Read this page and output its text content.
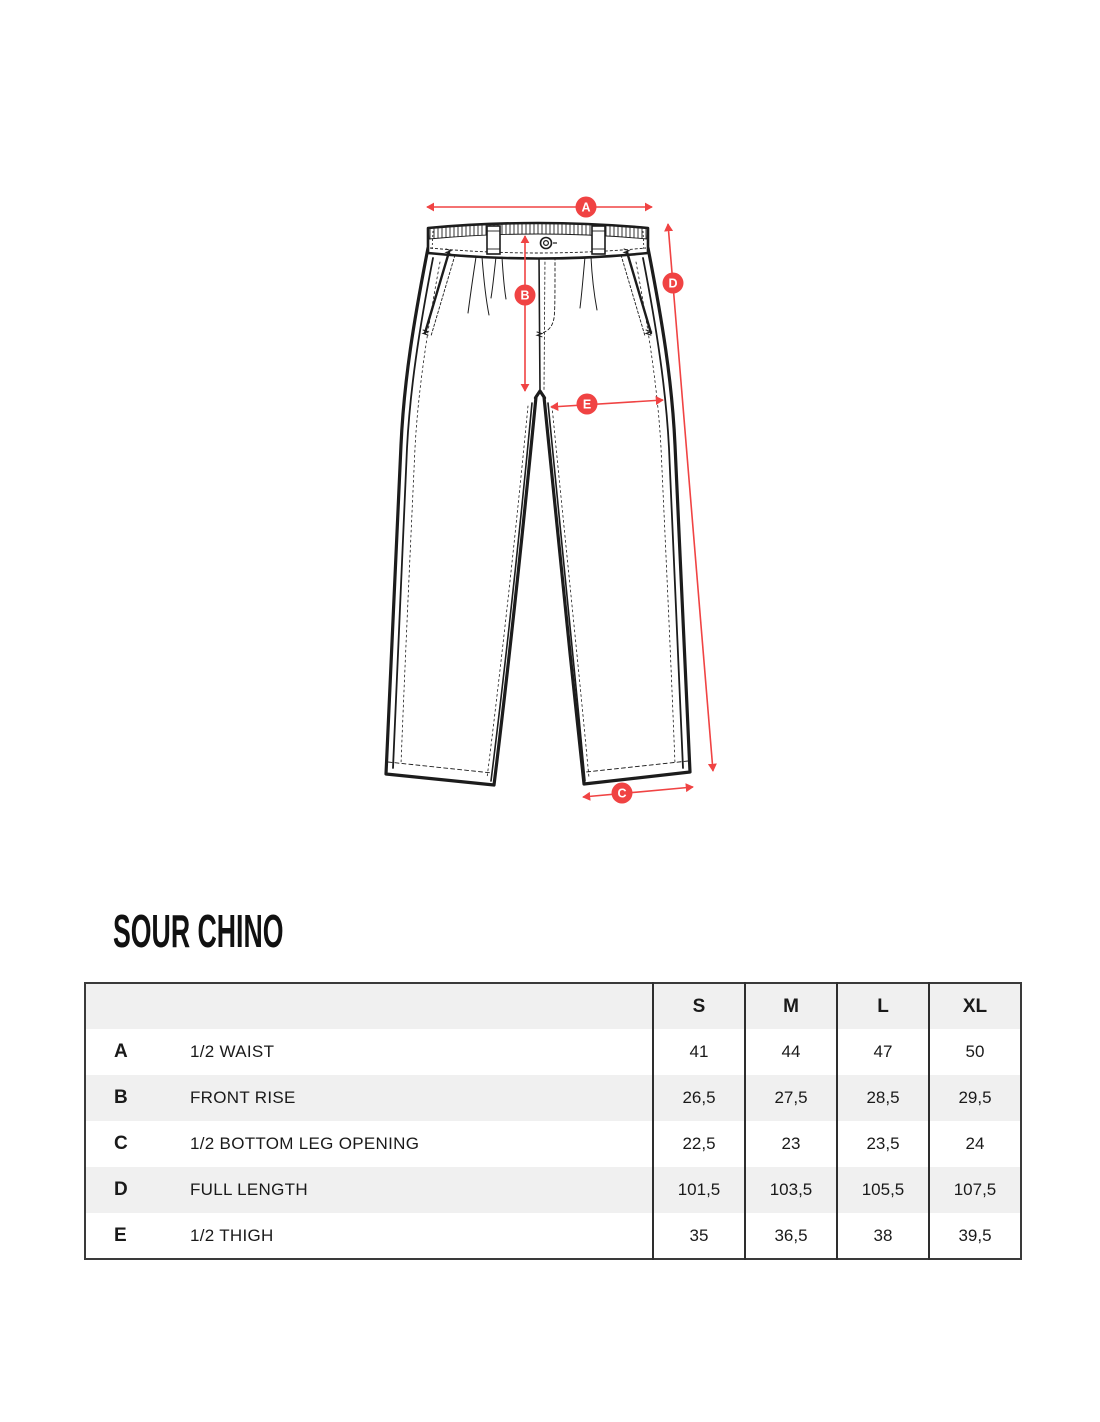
A
B
C
D
E
SOUR CHINO
		S	M	L	XL
A	1/2 WAIST	41	44	47	50
B	FRONT RISE	26,5	27,5	28,5	29,5
C	1/2 BOTTOM LEG OPENING	22,5	23	23,5	24
D	FULL LENGTH	101,5	103,5	105,5	107,5
E	1/2 THIGH	35	36,5	38	39,5
